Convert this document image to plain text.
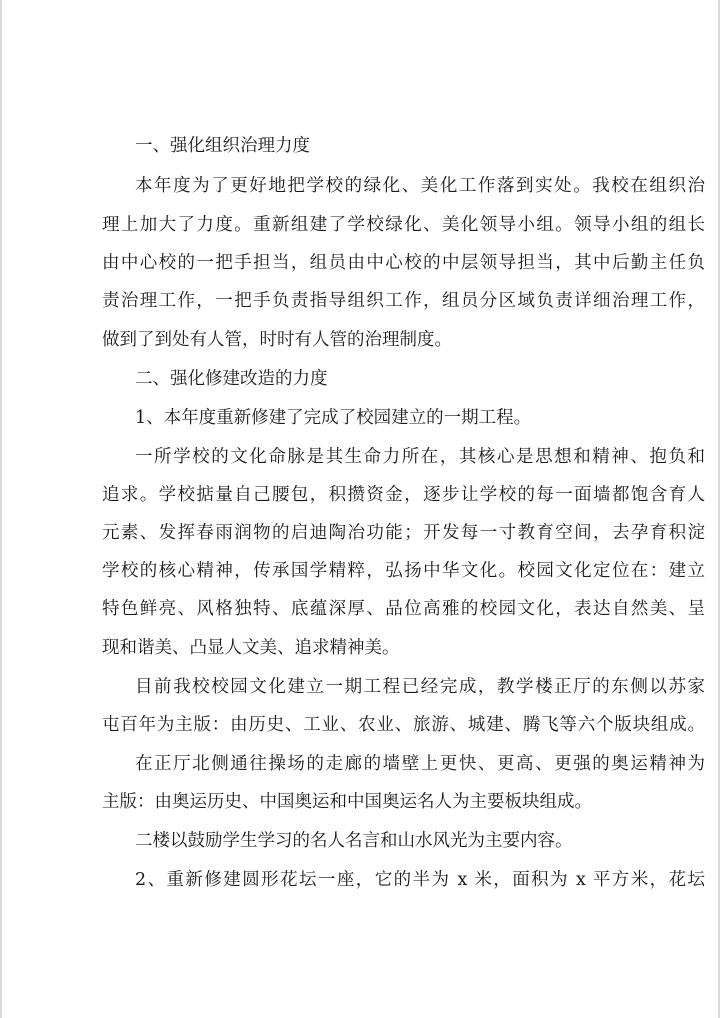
一、强化组织治理力度

本年度为了更好地把学校的绿化、美化工作落到实处。我校在组织治

理上加大了力度。重新组建了学校绿化、美化领导小组。领导小组的组长

由中心校的一把手担当，组员由中心校的中层领导担当，其中后勤主任负

责治理工作，一把手负责指导组织工作，组员分区域负责详细治理工作，

做到了到处有人管，时时有人管的治理制度。

二、强化修建改造的力度

1、本年度重新修建了完成了校园建立的一期工程。

一所学校的文化命脉是其生命力所在，其核心是思想和精神、抱负和

追求。学校掂量自己腰包，积攒资金，逐步让学校的每一面墙都饱含育人

元素、发挥春雨润物的启迪陶冶功能；开发每一寸教育空间，去孕育积淀

学校的核心精神，传承国学精粹，弘扬中华文化。校园文化定位在：建立

特色鲜亮、风格独特、底蕴深厚、品位高雅的校园文化，表达自然美、呈

现和谐美、凸显人文美、追求精神美。

目前我校校园文化建立一期工程已经完成，教学楼正厅的东侧以苏家

屯百年为主版：由历史、工业、农业、旅游、城建、腾飞等六个版块组成。

在正厅北侧通往操场的走廊的墙壁上更快、更高、更强的奥运精神为

主版：由奥运历史、中国奥运和中国奥运名人为主要板块组成。

二楼以鼓励学生学习的名人名言和山水风光为主要内容。

2、重新修建圆形花坛一座，它的半为 x 米，面积为 x 平方米，花坛
